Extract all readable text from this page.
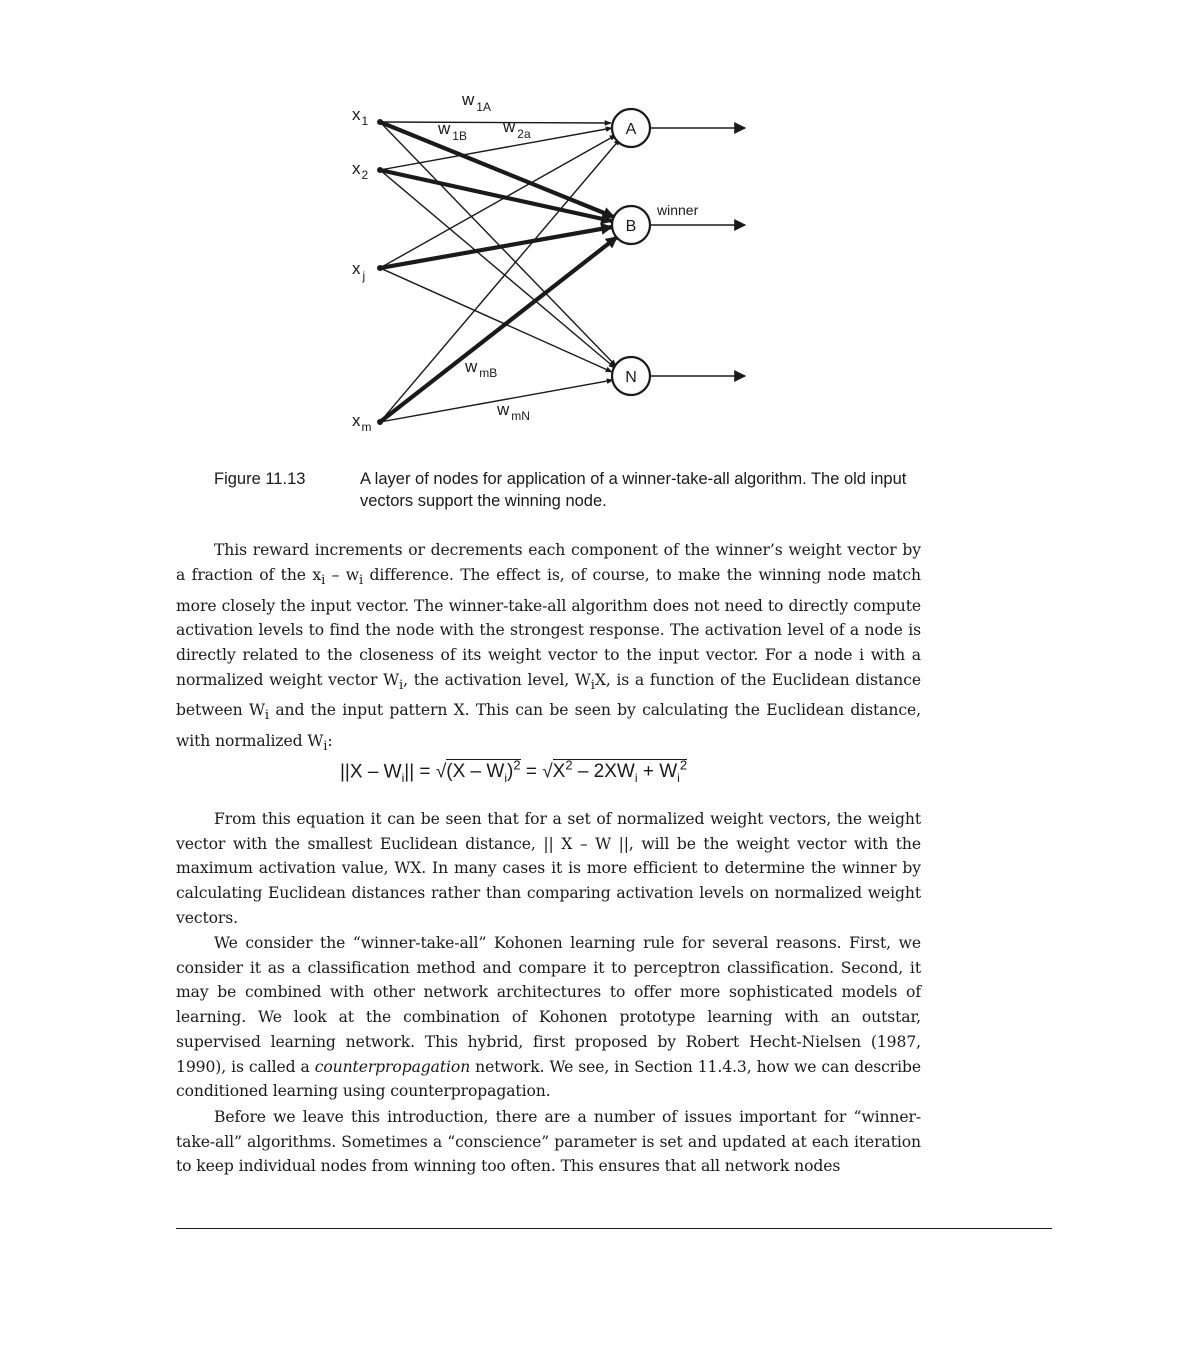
A
B
N
$x_1$
$x_2$
x $_j$
$x_m$
w $_{1A}$
w $_{1B}$ w $_{2a}$
w $_{mB}$
w $_{mN}$
winner
Figure 11.13	A layer of nodes for application of a winner-take-all algorithm. The old input vectors support the winning node.

This reward increments or decrements each component of the winner’s weight vector by a fraction of the $x_i - w_i$ difference. The effect is, of course, to make the winning node match more closely the input vector. The winner-take-all algorithm does not need to directly compute activation levels to find the node with the strongest response. The activation level of a node is directly related to the closeness of its weight vector to the input vector. For a node i with a normalized weight vector $W_i$, the activation level, $W_iX$, is a function of the Euclidean distance between $W_i$ and the input pattern X. This can be seen by calculating the Euclidean distance, with normalized $W_i$:

$||X - W_i|| = √(X - W_i)^2 = √X^2 - 2XW_i + W_i^2$

From this equation it can be seen that for a set of normalized weight vectors, the weight vector with the smallest Euclidean distance, || X – W ||, will be the weight vector with the maximum activation value, WX. In many cases it is more efficient to determine the winner by calculating Euclidean distances rather than comparing activation levels on normalized weight vectors.

We consider the “winner-take-all” Kohonen learning rule for several reasons. First, we consider it as a classification method and compare it to perceptron classification. Second, it may be combined with other network architectures to offer more sophisticated models of learning. We look at the combination of Kohonen prototype learning with an outstar, supervised learning network. This hybrid, first proposed by Robert Hecht-Nielsen (1987, 1990), is called a counterpropagation network. We see, in Section 11.4.3, how we can describe conditioned learning using counterpropagation.

Before we leave this introduction, there are a number of issues important for “winner-take-all” algorithms. Sometimes a “conscience” parameter is set and updated at each iteration to keep individual nodes from winning too often. This ensures that all network nodes
